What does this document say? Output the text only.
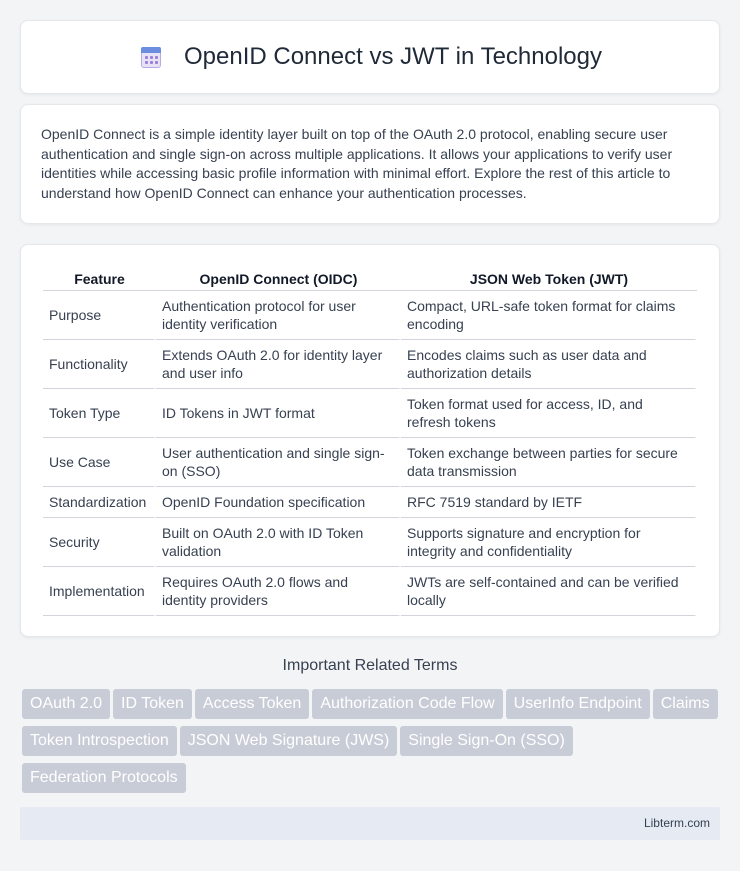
OpenID Connect vs JWT in Technology

OpenID Connect is a simple identity layer built on top of the OAuth 2.0 protocol, enabling secure user authentication and single sign-on across multiple applications. It allows your applications to verify user identities while accessing basic profile information with minimal effort. Explore the rest of this article to understand how OpenID Connect can enhance your authentication processes.

Feature	OpenID Connect (OIDC)	JSON Web Token (JWT)
Purpose	Authentication protocol for user identity verification	Compact, URL-safe token format for claims encoding
Functionality	Extends OAuth 2.0 for identity layer and user info	Encodes claims such as user data and authorization details
Token Type	ID Tokens in JWT format	Token format used for access, ID, and refresh tokens
Use Case	User authentication and single sign-on (SSO)	Token exchange between parties for secure data transmission
Standardization	OpenID Foundation specification	RFC 7519 standard by IETF
Security	Built on OAuth 2.0 with ID Token validation	Supports signature and encryption for integrity and confidentiality
Implementation	Requires OAuth 2.0 flows and identity providers	JWTs are self-contained and can be verified locally
Important Related Terms
OAuth 2.0 ID Token Access Token Authorization Code Flow UserInfo Endpoint ClaimsToken Introspection JSON Web Signature (JWS) Single Sign-On (SSO)Federation Protocols
Libterm.com
